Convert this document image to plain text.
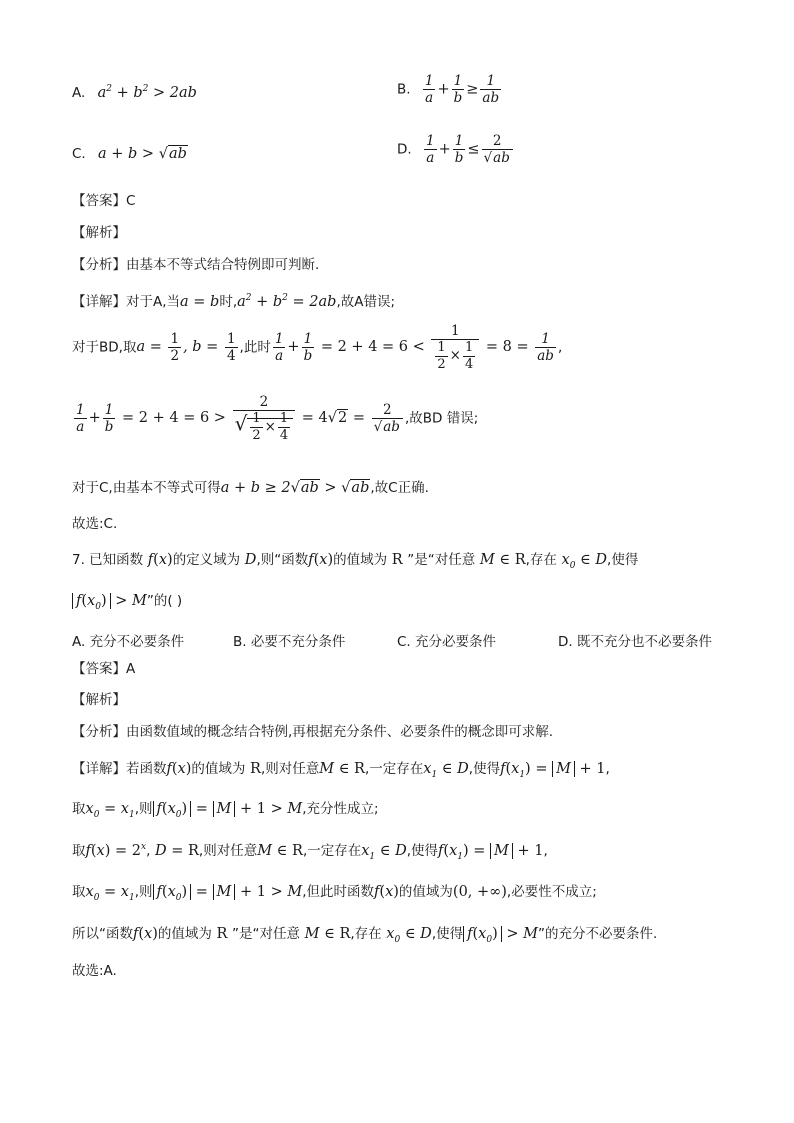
A. $a^2 + b^2 > 2ab$	B. $\frac{1}{a} + \frac{1}{b} \ge \frac{1}{ab}$
C. a + b > √ab	D. $\frac{1}{a} + \frac{1}{b} \le \frac{2}{√ab}$
【答案】C
【解析】
【分析】由基本不等式结合特例即可判断.
【详解】对于A,当a = b时$,a^2 + b^2 = 2ab$,故A错误;
对于BD,取$a = \frac{1}{2}$ , $b = \frac{1}{4}$ ,此时 $\frac{1}{a} + \frac{1}{b} = 2 + 4 = 6 < \frac{1}{\frac{1}{2} \times \frac{1}{4}} = 8 = \frac{1}{ab}$ ,
$\frac{1}{a} + \frac{1}{b} = 2 + 4 = 6 > \frac{2}{√ \frac{1}{2} \times \frac{1}{4}} = 4√2 = \frac{2}{√ab}$ ,故BD 错误;
对于C,由基本不等式可得a + b ≥ 2√ab > √ab,故C正确.
故选:C.
7. 已知函数 f(x)的定义域为 D,则“函数f(x)的值域为 R ”是“对任意 M ∈ R,存在 $x_0$ ∈ D,使得
$f(x_0) > M$”的( )
A. 充分不必要条件	B. 必要不充分条件	C. 充分必要条件	D. 既不充分也不必要条件
【答案】A
【解析】
【分析】由函数值域的概念结合特例,再根据充分条件、必要条件的概念即可求解.
【详解】若函数f(x)的值域为 R,则对任意M ∈ R,一定存在$x_1$ ∈ D,使得$f(x_1) = M + 1$,
取$x_0 = x_1$,则 $f(x_0) = M + 1 > M$,充分性成立;
取$f(x) = 2^x$, D = R,则对任意M ∈ R,一定存在$x_1$ ∈ D,使得$f(x_1) = M + 1$,
取$x_0 = x_1$,则 $f(x_0) = M + 1 > M$,但此时函数f(x)的值域为(0, +∞),必要性不成立;
所以“函数f(x)的值域为 R ”是“对任意 M ∈ R,存在 $x_0$ ∈ D,使得 $f(x_0) > M$”的充分不必要条件.
故选:A.
